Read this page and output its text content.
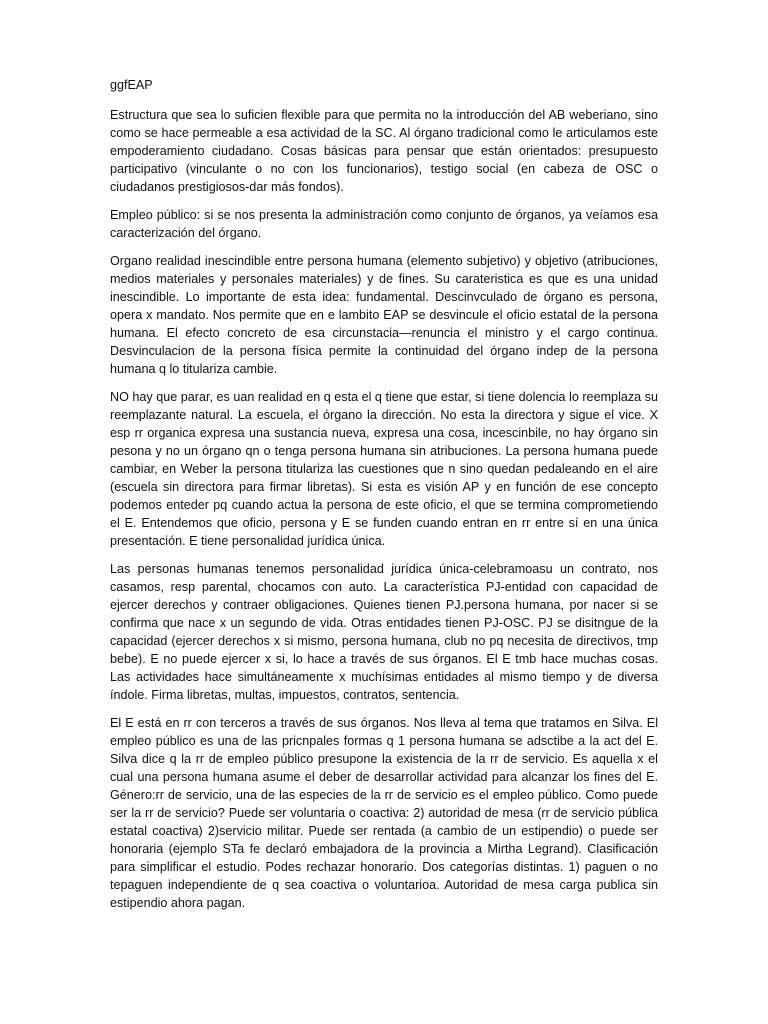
ggfEAP

Estructura que sea lo suficien flexible para que permita no la introducción del AB weberiano, sino como se hace permeable a esa actividad de la SC. Al órgano tradicional como le articulamos este empoderamiento ciudadano. Cosas básicas para pensar que están orientados: presupuesto participativo (vinculante o no con los funcionarios), testigo social (en cabeza de OSC o ciudadanos prestigiosos-dar más fondos).

Empleo público: si se nos presenta la administración como conjunto de órganos, ya veíamos esa caracterización del órgano.

Organo realidad inescindible entre persona humana (elemento subjetivo) y objetivo (atribuciones, medios materiales y personales materiales) y de fines. Su carateristica es que es una unidad inescindible. Lo importante de esta idea: fundamental. Descinvculado de órgano es persona, opera x mandato. Nos permite que en e lambito EAP se desvincule el oficio estatal de la persona humana. El efecto concreto de esa circunstacia—renuncia el ministro y el cargo continua. Desvinculacion de la persona física permite la continuidad del órgano indep de la persona humana q lo titulariza cambie.

NO hay que parar, es uan realidad en q esta el q tiene que estar, si tiene dolencia lo reemplaza su reemplazante natural. La escuela, el órgano la dirección. No esta la directora y sigue el vice. X esp rr organica expresa una sustancia nueva, expresa una cosa, incescinbile, no hay órgano sin pesona y no un órgano qn o tenga persona humana sin atribuciones. La persona humana puede cambiar, en Weber la persona titulariza las cuestiones que n sino quedan pedaleando en el aire (escuela sin directora para firmar libretas). Si esta es visión AP y en función de ese concepto podemos enteder pq cuando actua la persona de este oficio, el que se termina comprometiendo el E. Entendemos que oficio, persona y E se funden cuando entran en rr entre sí en una única presentación. E tiene personalidad jurídica única.

Las personas humanas tenemos personalidad jurídica única-celebramoasu un contrato, nos casamos, resp parental, chocamos con auto. La característica PJ-entidad con capacidad de ejercer derechos y contraer obligaciones. Quienes tienen PJ.persona humana, por nacer si se confirma que nace x un segundo de vida. Otras entidades tienen PJ-OSC. PJ se disitngue de la capacidad (ejercer derechos x si mismo, persona humana, club no pq necesita de directivos, tmp bebe). E no puede ejercer x si, lo hace a través de sus órganos. El E tmb hace muchas cosas. Las actividades hace simultáneamente x muchísimas entidades al mismo tiempo y de diversa índole. Firma libretas, multas, impuestos, contratos, sentencia.

El E está en rr con terceros a través de sus órganos. Nos lleva al tema que tratamos en Silva. El empleo público es una de las pricnpales formas q 1 persona humana se adsctibe a la act del E. Silva dice q la rr de empleo público presupone la existencia de la rr de servicio. Es aquella x el cual una persona humana asume el deber de desarrollar actividad para alcanzar los fines del E. Género:rr de servicio, una de las especies de la rr de servicio es el empleo público. Como puede ser la rr de servicio? Puede ser voluntaria o coactiva: 2) autoridad de mesa (rr de servicio pública estatal coactiva) 2)servicio militar. Puede ser rentada (a cambio de un estipendio) o puede ser honoraria (ejemplo STa fe declaró embajadora de la provincia a Mirtha Legrand). Clasificación para simplificar el estudio. Podes rechazar honorario. Dos categorías distintas. 1) paguen o no tepaguen independiente de q sea coactiva o voluntarioa. Autoridad de mesa carga publica sin estipendio ahora pagan.
